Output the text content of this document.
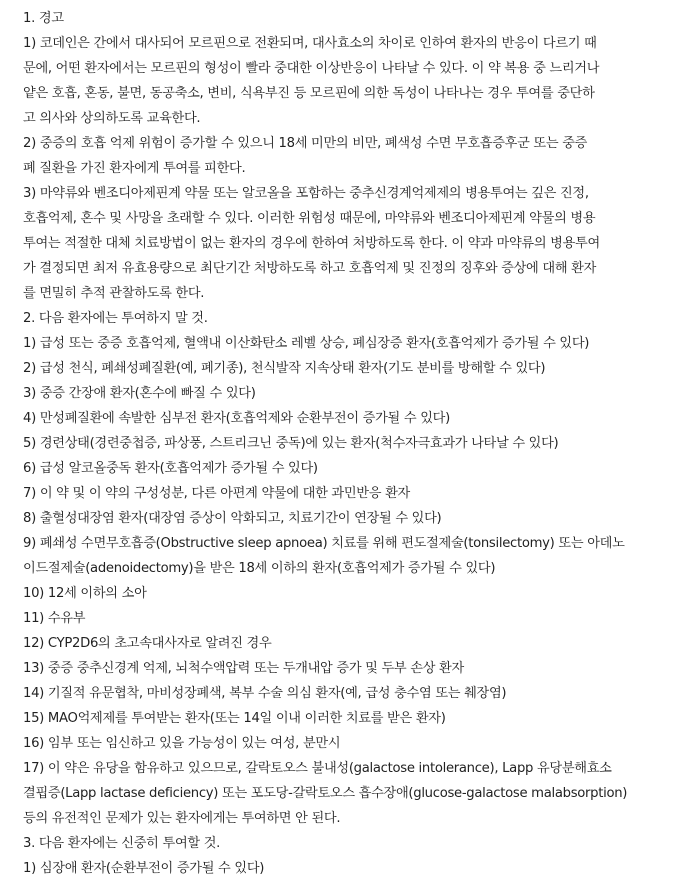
1. 경고
1) 코데인은 간에서 대사되어 모르핀으로 전환되며, 대사효소의 차이로 인하여 환자의 반응이 다르기 때
문에, 어떤 환자에서는 모르핀의 형성이 빨라 중대한 이상반응이 나타날 수 있다. 이 약 복용 중 느리거나
얕은 호흡, 혼동, 불면, 동공축소, 변비, 식욕부진 등 모르핀에 의한 독성이 나타나는 경우 투여를 중단하
고 의사와 상의하도록 교육한다.
2) 중증의 호흡 억제 위험이 증가할 수 있으니 18세 미만의 비만, 폐색성 수면 무호흡증후군 또는 중증
폐 질환을 가진 환자에게 투여를 피한다.
3) 마약류와 벤조디아제핀계 약물 또는 알코올을 포함하는 중추신경계억제제의 병용투여는 깊은 진정,
호흡억제, 혼수 및 사망을 초래할 수 있다. 이러한 위험성 때문에, 마약류와 벤조디아제핀계 약물의 병용
투여는 적절한 대체 치료방법이 없는 환자의 경우에 한하여 처방하도록 한다. 이 약과 마약류의 병용투여
가 결정되면 최저 유효용량으로 최단기간 처방하도록 하고 호흡억제 및 진정의 징후와 증상에 대해 환자
를 면밀히 추적 관찰하도록 한다.
2. 다음 환자에는 투여하지 말 것.
1) 급성 또는 중증 호흡억제, 혈액내 이산화탄소 레벨 상승, 폐심장증 환자(호흡억제가 증가될 수 있다)
2) 급성 천식, 폐쇄성폐질환(예, 폐기종), 천식발작 지속상태 환자(기도 분비를 방해할 수 있다)
3) 중증 간장애 환자(혼수에 빠질 수 있다)
4) 만성폐질환에 속발한 심부전 환자(호흡억제와 순환부전이 증가될 수 있다)
5) 경련상태(경련중첩증, 파상풍, 스트리크닌 중독)에 있는 환자(척수자극효과가 나타날 수 있다)
6) 급성 알코올중독 환자(호흡억제가 증가될 수 있다)
7) 이 약 및 이 약의 구성성분, 다른 아편계 약물에 대한 과민반응 환자
8) 출혈성대장염 환자(대장염 증상이 악화되고, 치료기간이 연장될 수 있다)
9) 폐쇄성 수면무호흡증(Obstructive sleep apnoea) 치료를 위해 편도절제술(tonsilectomy) 또는 아데노
이드절제술(adenoidectomy)을 받은 18세 이하의 환자(호흡억제가 증가될 수 있다)
10) 12세 이하의 소아
11) 수유부
12) CYP2D6의 초고속대사자로 알려진 경우
13) 중증 중추신경계 억제, 뇌척수액압력 또는 두개내압 증가 및 두부 손상 환자
14) 기질적 유문협착, 마비성장폐색, 복부 수술 의심 환자(예, 급성 충수염 또는 췌장염)
15) MAO억제제를 투여받는 환자(또는 14일 이내 이러한 치료를 받은 환자)
16) 임부 또는 임신하고 있을 가능성이 있는 여성, 분만시
17) 이 약은 유당을 함유하고 있으므로, 갈락토오스 불내성(galactose intolerance), Lapp 유당분해효소
결핍증(Lapp lactase deficiency) 또는 포도당-갈락토오스 흡수장애(glucose-galactose malabsorption)
등의 유전적인 문제가 있는 환자에게는 투여하면 안 된다.
3. 다음 환자에는 신중히 투여할 것.
1) 심장애 환자(순환부전이 증가될 수 있다)
